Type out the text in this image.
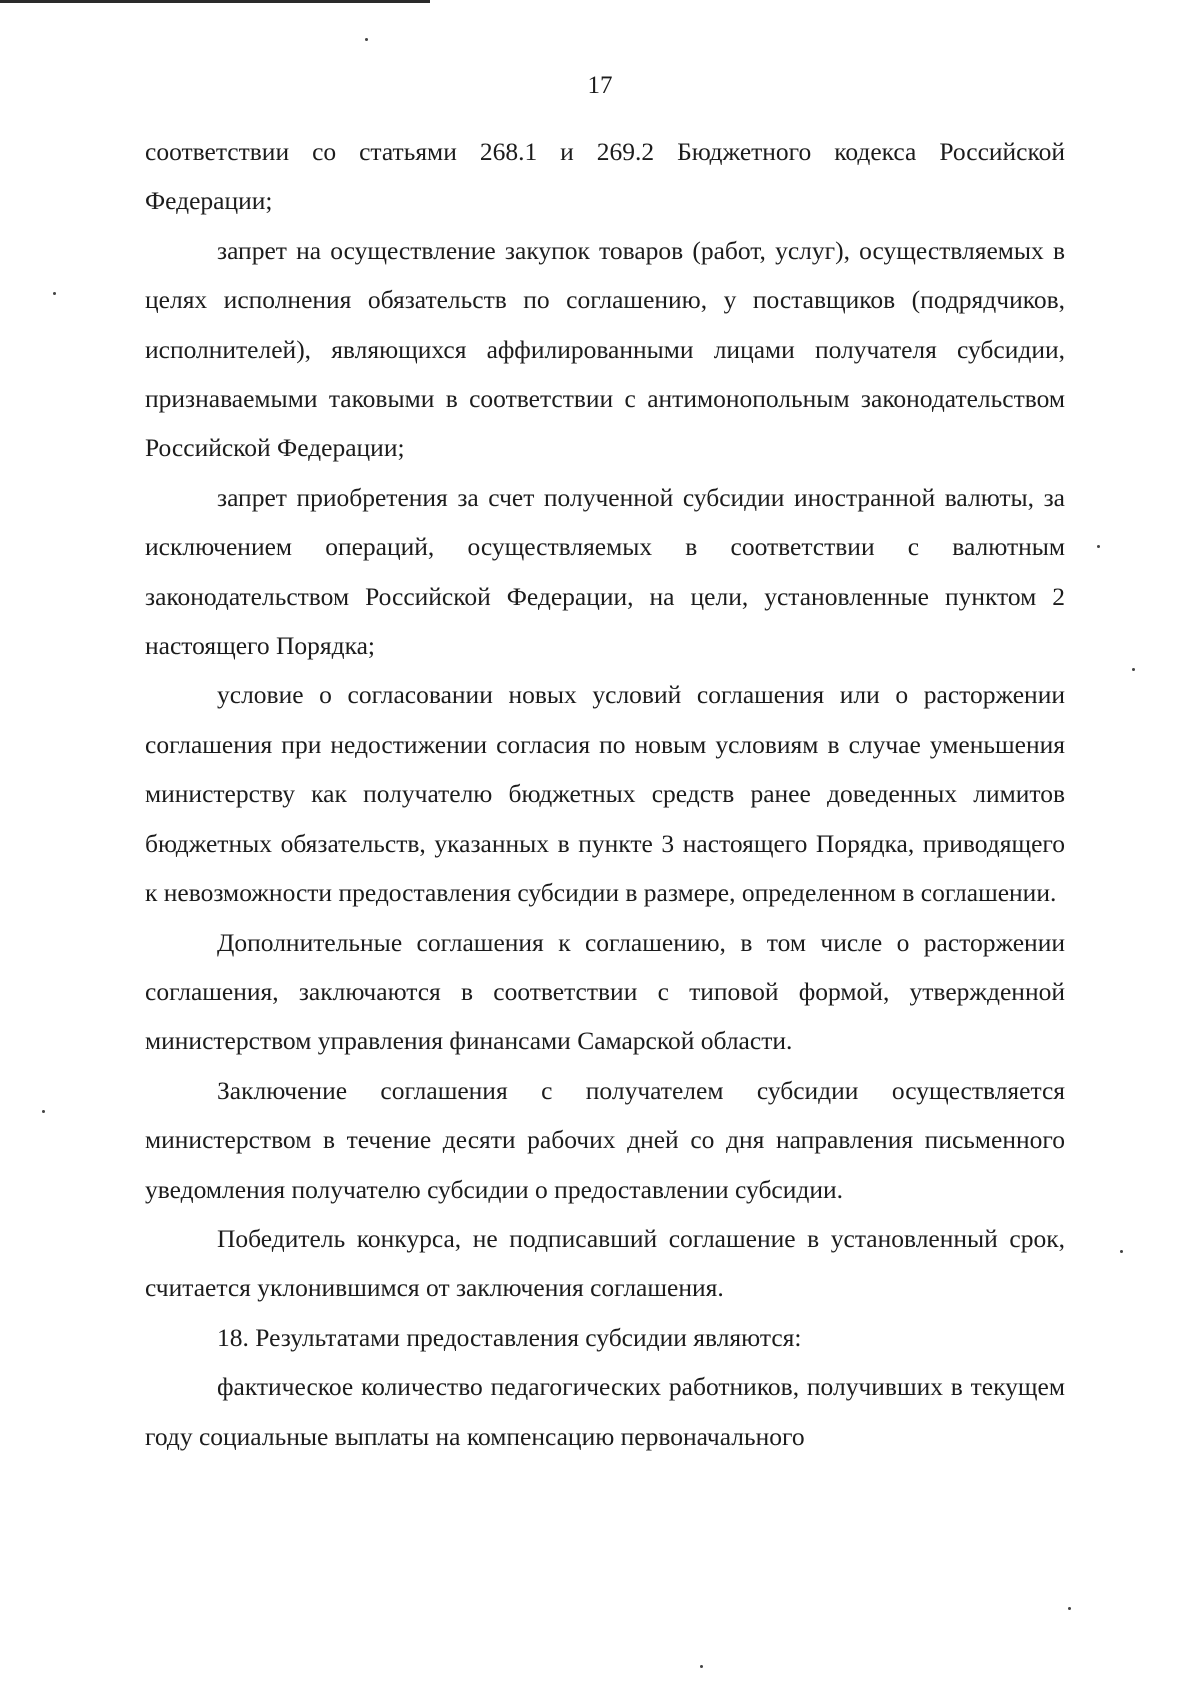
17

соответствии со статьями 268.1 и 269.2 Бюджетного кодекса Российской Федерации;

запрет на осуществление закупок товаров (работ, услуг), осуществляемых в целях исполнения обязательств по соглашению, у поставщиков (подрядчиков, исполнителей), являющихся аффилированными лицами получателя субсидии, признаваемыми таковыми в соответствии с антимонопольным законодательством Российской Федерации;

запрет приобретения за счет полученной субсидии иностранной валюты, за исключением операций, осуществляемых в соответствии с валютным законодательством Российской Федерации, на цели, установленные пунктом 2 настоящего Порядка;

условие о согласовании новых условий соглашения или о расторжении соглашения при недостижении согласия по новым условиям в случае уменьшения министерству как получателю бюджетных средств ранее доведенных лимитов бюджетных обязательств, указанных в пункте 3 настоящего Порядка, приводящего к невозможности предоставления субсидии в размере, определенном в соглашении.

Дополнительные соглашения к соглашению, в том числе о расторжении соглашения, заключаются в соответствии с типовой формой, утвержденной министерством управления финансами Самарской области.

Заключение соглашения с получателем субсидии осуществляется министерством в течение десяти рабочих дней со дня направления письменного уведомления получателю субсидии о предоставлении субсидии.

Победитель конкурса, не подписавший соглашение в установленный срок, считается уклонившимся от заключения соглашения.

18. Результатами предоставления субсидии являются:

фактическое количество педагогических работников, получивших в текущем году социальные выплаты на компенсацию первоначального
